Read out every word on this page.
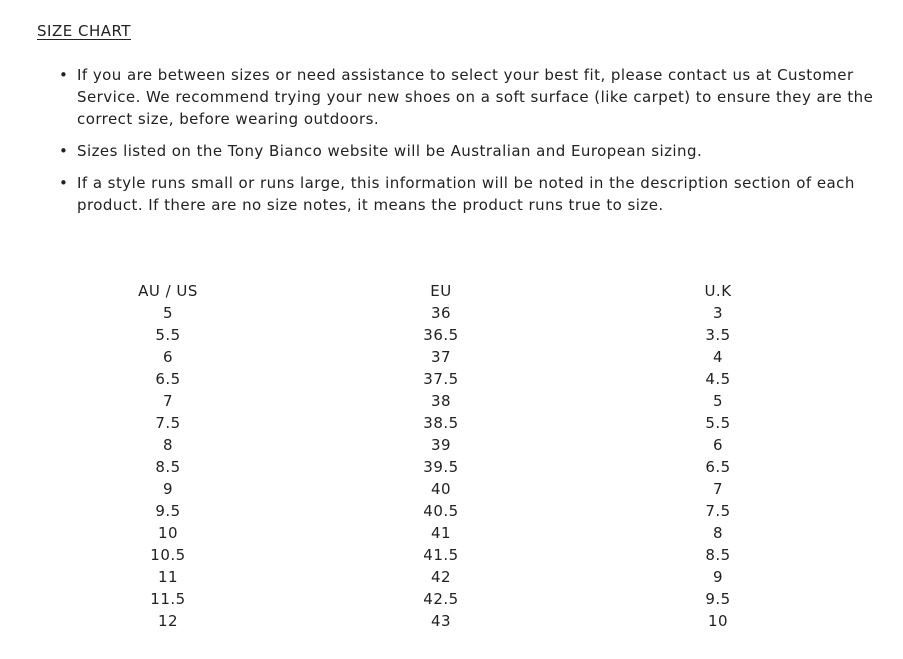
SIZE CHART
• If you are between sizes or need assistance to select your best fit, please contact us at Customer Service. We recommend trying your new shoes on a soft surface (like carpet) to ensure they are the correct size, before wearing outdoors.
• Sizes listed on the Tony Bianco website will be Australian and European sizing.
• If a style runs small or runs large, this information will be noted in the description section of each product. If there are no size notes, it means the product runs true to size.
AU / US	EU	U.K
5	36	3
5.5	36.5	3.5
6	37	4
6.5	37.5	4.5
7	38	5
7.5	38.5	5.5
8	39	6
8.5	39.5	6.5
9	40	7
9.5	40.5	7.5
10	41	8
10.5	41.5	8.5
11	42	9
11.5	42.5	9.5
12	43	10
